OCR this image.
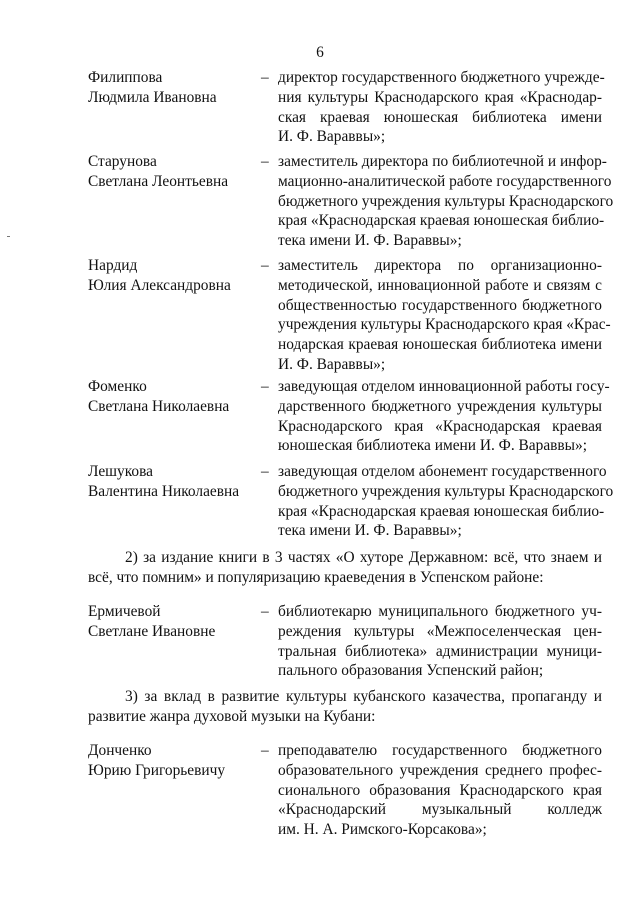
6
Филиппова
Людмила Ивановна
– директор государственного бюджетного учрежде-
ния культуры Краснодарского края «Краснодар-
ская краевая юношеская библиотека имени
И. Ф. Вараввы»;
Старунова
Светлана Леонтьевна
– заместитель директора по библиотечной и инфор-
мационно-аналитической работе государственного
бюджетного учреждения культуры Краснодарского
края «Краснодарская краевая юношеская библио-
тека имени И. Ф. Вараввы»;
Нардид
Юлия Александровна
– заместитель директора по организационно-
методической, инновационной работе и связям с
общественностью государственного бюджетного
учреждения культуры Краснодарского края «Крас-
нодарская краевая юношеская библиотека имени
И. Ф. Вараввы»;
Фоменко
Светлана Николаевна
– заведующая отделом инновационной работы госу-
дарственного бюджетного учреждения культуры
Краснодарского края «Краснодарская краевая
юношеская библиотека имени И. Ф. Вараввы»;
Лешукова
Валентина Николаевна
– заведующая отделом абонемент государственного
бюджетного учреждения культуры Краснодарского
края «Краснодарская краевая юношеская библио-
тека имени И. Ф. Вараввы»;
2) за издание книги в 3 частях «О хуторе Державном: всё, что знаем и
всё, что помним» и популяризацию краеведения в Успенском районе:
Ермичевой
Светлане Ивановне
– библиотекарю муниципального бюджетного уч-
реждения культуры «Межпоселенческая цен-
тральная библиотека» администрации муници-
пального образования Успенский район;
3) за вклад в развитие культуры кубанского казачества, пропаганду и
развитие жанра духовой музыки на Кубани:
Донченко
Юрию Григорьевичу
– преподавателю государственного бюджетного
образовательного учреждения среднего профес-
сионального образования Краснодарского края
«Краснодарский музыкальный колледж
им. Н. А. Римского-Корсакова»;
